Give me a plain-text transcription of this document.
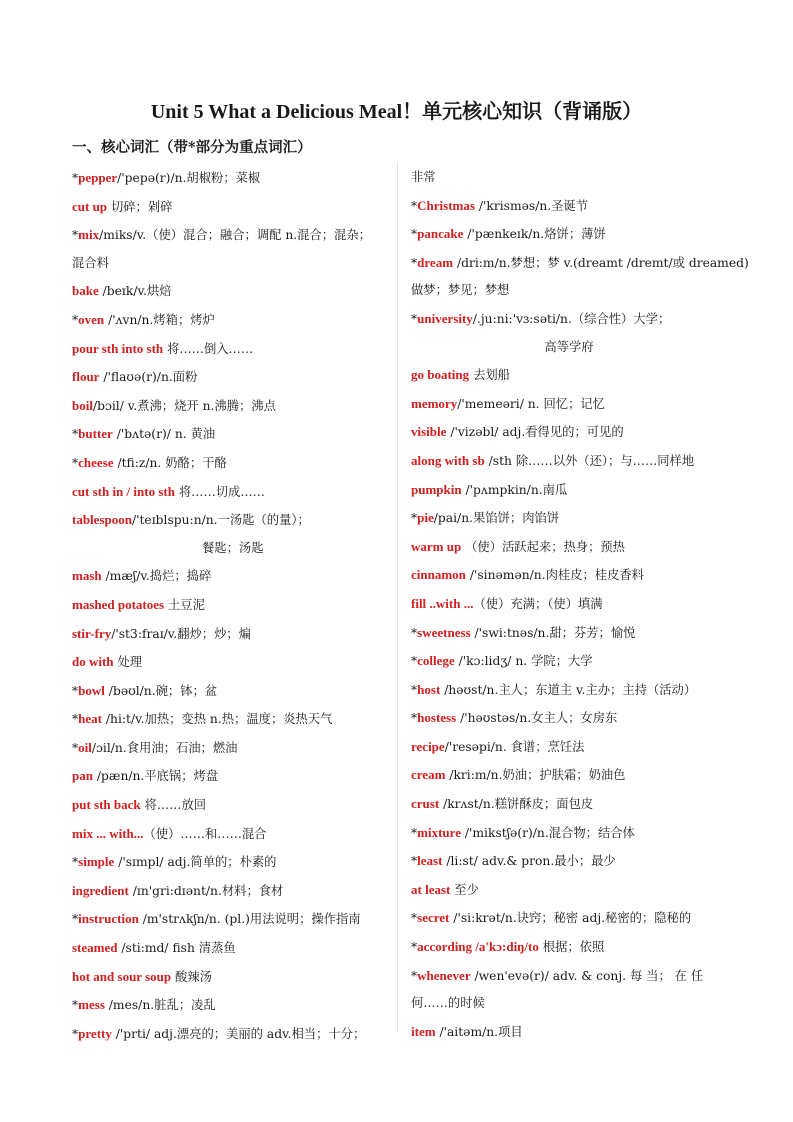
Unit 5 What a Delicious Meal！单元核心知识（背诵版）
一、核心词汇（带*部分为重点词汇）
*pepper/'pepə(r)/n.胡椒粉；菜椒
cut up 切碎；剁碎
*mix/miks/v.（使）混合；融合；调配 n.混合；混杂；
混合料
bake /beɪk/v.烘焙
*oven /'ʌvn/n.烤箱；烤炉
pour sth into sth 将……倒入……
flour /'flaʊə(r)/n.面粉
boil/bɔil/ v.煮沸；烧开 n.沸腾；沸点
*butter /'bʌtə(r)/ n. 黄油
*cheese /tfi:z/n. 奶酪；干酪
cut sth in / into sth 将……切成……
tablespoon/'teɪblspu:n/n.一汤匙（的量）；
餐匙；汤匙
mash /mæʃ/v.捣烂；捣碎
mashed potatoes 土豆泥
stir-fry/'st3:fraɪ/v.翻炒；炒；煸
do with 处理
*bowl /bəʊl/n.碗；钵；盆
*heat /hi:t/v.加热；变热 n.热；温度；炎热天气
*oil/ɔil/n.食用油；石油；燃油
pan /pæn/n.平底锅；烤盘
put sth back 将……放回
mix ... with...（使）……和……混合
*simple /'sɪmpl/ adj.简单的；朴素的
ingredient /ɪn'gri:dɪənt/n.材料；食材
*instruction /m'strʌkʃn/n. (pl.)用法说明；操作指南
steamed /sti:md/ fish 清蒸鱼
hot and sour soup 酸辣汤
*mess /mes/n.脏乱；凌乱
*pretty /'prti/ adj.漂亮的；美丽的 adv.相当；十分；
非常
*Christmas /'krisməs/n.圣诞节
*pancake /'pænkeɪk/n.烙饼；薄饼
*dream /dri:m/n.梦想；梦 v.(dreamt /dremt/或 dreamed)
做梦；梦见；梦想
*university/.ju:ni:'vɜ:səti/n.（综合性）大学；
高等学府
go boating 去划船
memory/'memeəri/ n. 回忆；记忆
visible /'vizəbl/ adj.看得见的；可见的
along with sb /sth 除……以外（还）；与……同样地
pumpkin /'pʌmpkin/n.南瓜
*pie/pai/n.果馅饼；肉馅饼
warm up （使）活跃起来；热身；预热
cinnamon /'sinəmən/n.肉桂皮；桂皮香料
fill ..with ...（使）充满；（使）填满
*sweetness /'swi:tnəs/n.甜；芬芳；愉悦
*college /'kɔ:lidʒ/ n. 学院；大学
*host /həʊst/n.主人；东道主 v.主办；主持（活动）
*hostess /'həʊstəs/n.女主人；女房东
recipe/'resəpi/n. 食谱；烹饪法
cream /kri:m/n.奶油；护肤霜；奶油色
crust /krʌst/n.糕饼酥皮；面包皮
*mixture /'mikstʃə(r)/n.混合物；结合体
*least /li:st/ adv.& pron.最小；最少
at least 至少
*secret /'si:krət/n.诀窍；秘密 adj.秘密的；隐秘的
*according /a'kɔ:diŋ/to 根据；依照
*whenever /wen'evə(r)/ adv. & conj. 每 当； 在 任
何……的时候
item /'aitəm/n.项目
